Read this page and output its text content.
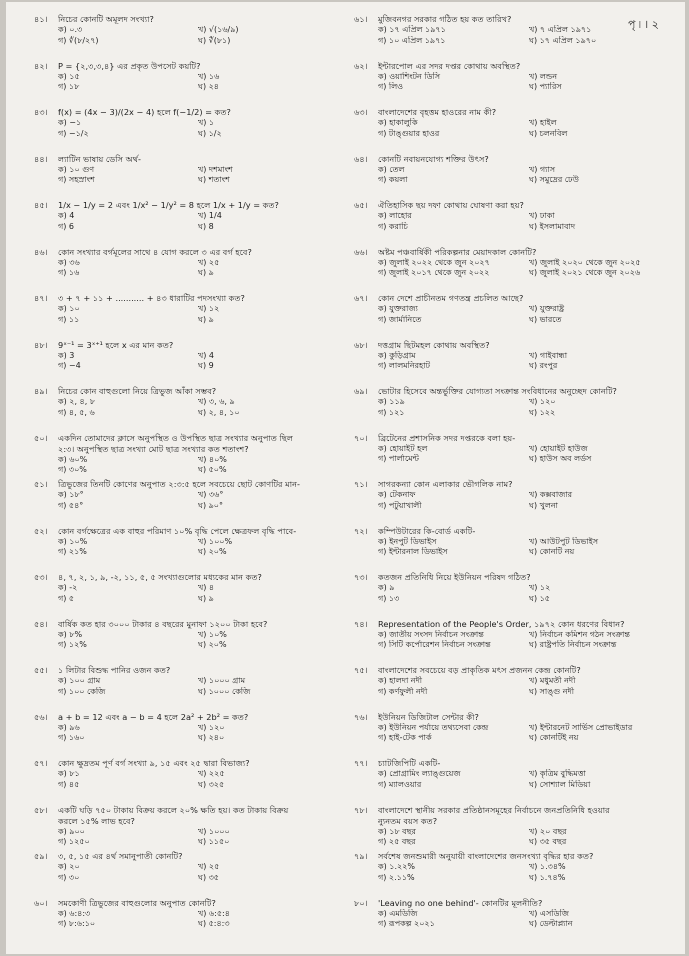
পৃ ৷ । ২
৪১।	নিচের কোনটি অমূলদ সংখ্যা?
ক) ০.৩	খ) √(১৬/৯)
গ) ∛(৮/২৭)	ঘ) ∜(৮১)
৪২।	P = {২,৩,৩,৪} এর প্রকৃত উপসেট কয়টি?
ক) ১৫	খ) ১৬
গ) ১৮	ঘ) ২৪
৪৩।	f(x) = (4x − 3)/(2x − 4) হলে f(−1/2) = কত?
ক) −১	খ) ১
গ) −১/২	ঘ) ১/২
৪৪।	ল্যাটিন ভাষায় ডেসি অর্থ-
ক) ১০ গুণ	খ) দশমাংশ
গ) সহস্রাংশ	ঘ) শতাংশ
৪৫।	1/x − 1/y = 2 এবং 1/x² − 1/y² = 8 হলে 1/x + 1/y = কত?
ক) 4	খ) 1/4
গ) 6	ঘ) 8
৪৬।	কোন সংখ্যার বর্গমূলের সাথে ৪ যোগ করলে ৩ এর বর্গ হবে?
ক) ৩৬	খ) ২৫
গ) ১৬	ঘ) ৯
৪৭।	৩ + ৭ + ১১ + ........... + ৪৩ ধারাটির পদসংখ্যা কত?
ক) ১০	খ) ১২
গ) ১১	ঘ) ৯
৪৮।	9ˣ⁻¹ = 3ˣ⁺¹ হলে x এর মান কত?
ক) 3	খ) 4
গ) −4	ঘ) 9
৪৯।	নিচের কোন বাহুগুলো নিয়ে ত্রিভুজ আঁকা সম্ভব?
ক) ২, ৪, ৮	খ) ৩, ৬, ৯
গ) ৪, ৫, ৬	ঘ) ২, ৪, ১০
৫০।	একদিন তোমাদের ক্লাসে অনুপস্থিত ও উপস্থিত ছাত্র সংখ্যার অনুপাত ছিল
২:৩। অনুপস্থিত ছাত্র সংখ্যা মোট ছাত্র সংখ্যার কত শতাংশ?
ক) ৬০%	খ) ৪০%
গ) ৩০%	ঘ) ৫০%
৫১।	ত্রিভুজের তিনটি কোণের অনুপাত ২:৩:৫ হলে সবচেয়ে ছোট কোণটির মান-
ক) ১৮°	খ) ৩৬°
গ) ৫৪°	ঘ) ৯০°
৫২।	কোন বর্গক্ষেত্রের এক বাহুর পরিমাণ ১০% বৃদ্ধি পেলে ক্ষেত্রফল বৃদ্ধি পাবে-
ক) ১০%	খ) ১০০%
গ) ২১%	ঘ) ২০%
৫৩।	৪, ৭, ২, ১, ৯, -২, ১১, ৫, ৫ সংখ্যাগুলোর মধ্যকের মান কত?
ক) -২	খ) ৪
গ) ৫	ঘ) ৯
৫৪।	বার্ষিক কত হার ৩০০০ টাকার ৪ বছরের মুনাফা ১২০০ টাকা হবে?
ক) ৮%	খ) ১০%
গ) ১২%	ঘ) ২০%
৫৫।	১ লিটার বিশুদ্ধ পানির ওজন কত?
ক) ১০০ গ্রাম	খ) ১০০০ গ্রাম
গ) ১০০ কেজি	ঘ) ১০০০ কেজি
৫৬।	a + b = 12 এবং a − b = 4 হলে 2a² + 2b² = কত?
ক) ৯৬	খ) ১২০
গ) ১৬০	ঘ) ২৪০
৫৭।	কোন ক্ষুদ্রতম পূর্ণ বর্গ সংখ্যা ৯, ১৫ এবং ২৫ দ্বারা বিভাজ্য?
ক) ৮১	খ) ২২৫
গ) ৪৫	ঘ) ৩২৫
৫৮।	একটি ঘড়ি ৭৫০ টাকায় বিক্রয় করলে ২০% ক্ষতি হয়। কত টাকায় বিক্রয়
করলে ১৫% লাভ হবে?
ক) ৯০০	খ) ১০০০
গ) ১২৫০	ঘ) ১১৫০
৫৯।	৩, ৫, ১৫ এর ৪র্থ সমানুপাতী কোনটি?
ক) ২০	খ) ২৫
গ) ৩০	ঘ) ৩৫
৬০।	সমকোণী ত্রিভুজের বাহুগুলোর অনুপাত কোনটি?
ক) ৬:৪:৩	খ) ৬:৫:৪
গ) ৮:৬:১০	ঘ) ৫:৪:৩
৬১।	মুজিবনগর সরকার গঠিত হয় কত তারিখ?
ক) ১৭ এপ্রিল ১৯৭১	খ) ৭ এপ্রিল ১৯৭১
গ) ১০ এপ্রিল ১৯৭১	ঘ) ১৭ এপ্রিল ১৯৭০
৬২।	ইন্টারপোল এর সদর দপ্তর কোথায় অবস্থিত?
ক) ওয়াশিংটন ডিসি	খ) লন্ডন
গ) লিও	ঘ) প্যারিস
৬৩।	বাংলাদেশের বৃহত্তম হাওরের নাম কী?
ক) হাকালুকি	খ) হাইল
গ) টাঙ্গুয়ার হাওর	ঘ) চলনবিল
৬৪।	কোনটি নবায়নযোগ্য শক্তির উৎস?
ক) তেল	খ) গ্যাস
গ) কয়লা	ঘ) সমুদ্রের ঢেউ
৬৫।	ঐতিহাসিক ছয় দফা কোথায় ঘোষণা করা হয়?
ক) লাহোর	খ) ঢাকা
গ) করাচি	ঘ) ইসলামাবাদ
৬৬।	অষ্টম পঞ্চবার্ষিকী পরিকল্পনার মেয়াদকাল কোনটি?
ক) জুলাই ২০২২ থেকে জুন ২০২৭	খ) জুলাই ২০২০ থেকে জুন ২০২৫
গ) জুলাই ২০১৭ থেকে জুন ২০২২	ঘ) জুলাই ২০২১ থেকে জুন ২০২৬
৬৭।	কোন দেশে প্রাচীনতম গণতন্ত্র প্রচলিত আছে?
ক) যুক্তরাজ্য	খ) যুক্তরাষ্ট্র
গ) জার্মানিতে	ঘ) ভারতে
৬৮।	দত্তগ্রাম ছিটমহল কোথায় অবস্থিত?
ক) কুড়িগ্রাম	খ) গাইবান্ধা
গ) লালমনিরহাট	ঘ) রংপুর
৬৯।	ভোটার হিসেবে অন্তর্ভুক্তির যোগ্যতা সংক্রান্ত সংবিধানের অনুচ্ছেদ কোনটি?
ক) ১১৯	খ) ১২০
গ) ১২১	ঘ) ১২২
৭০।	ব্রিটেনের প্রশাসনিক সদর দপ্তরকে বলা হয়-
ক) হোয়াইট হল	খ) হোয়াইট হাউজ
গ) পার্লামেন্ট	ঘ) হাউস অব লর্ডস
৭১।	সাগরকন্যা কোন এলাকার ভৌগলিক নাম?
ক) টেকনাফ	খ) কক্সবাজার
গ) পটুয়াখালী	ঘ) খুলনা
৭২।	কম্পিউটারের কি-বোর্ড একটি-
ক) ইনপুট ডিভাইস	খ) আউটপুট ডিভাইস
গ) ইন্টারনাল ডিভাইস	ঘ) কোনটি নয়
৭৩।	কতজন প্রতিনিধি নিয়ে ইউনিয়ন পরিষদ গঠিত?
ক) ৯	খ) ১২
গ) ১৩	ঘ) ১৫
৭৪।	Representation of the People's Order, ১৯৭২ কোন ধরণের বিধান?
ক) জাতীয় সংসদ নির্বাচন সংক্রান্ত	খ) নির্বাচন কমিশন গঠন সংক্রান্ত
গ) সিটি কর্পোরেশন নির্বাচন সংক্রান্ত	ঘ) রাষ্ট্রপতি নির্বাচন সংক্রান্ত
৭৫।	বাংলাদেশের সবচেয়ে বড় প্রাকৃতিক মৎস প্রজনন কেন্দ্র কোনটি?
ক) হালদা নদী	খ) মধুমতী নদী
গ) কর্ণফুলী নদী	ঘ) সাঙ্গু নদী
৭৬।	ইউনিয়ন ডিজিটাল সেন্টার কী?
ক) ইউনিয়ন পর্যায়ে তথ্যসেবা কেন্দ্র	খ) ইন্টারনেট সার্ভিস প্রোভাইডার
গ) হাই-টেক পার্ক	ঘ) কোনটিই নয়
৭৭।	চ্যাটজিপিটি একটি-
ক) প্রোগ্রামিং ল্যাঙ্গুয়েজ	খ) কৃত্রিম বুদ্ধিমত্তা
গ) ম্যালওয়ার	ঘ) সোশ্যাল মিডিয়া
৭৮।	বাংলাদেশে স্থানীয় সরকার প্রতিষ্ঠানসমূহের নির্বাচনে জনপ্রতিনিধি হওয়ার
ন্যুনতম বয়স কত?
ক) ১৮ বছর	খ) ২০ বছর
গ) ২৫ বছর	ঘ) ৩৫ বছর
৭৯।	সর্বশেষ জনশুমারী অনুযায়ী বাংলাদেশের জনসংখ্যা বৃদ্ধির হার কত?
ক) ১.২২%	খ) ১.৩৪%
গ) ২.১১%	ঘ) ১.৭৪%
৮০।	'Leaving no one behind'- কোনটির মূলনীতি?
ক) এমডিজি	খ) এসডিজি
গ) রূপকল্প ২০২১	ঘ) ডেল্টাপ্ল্যান
